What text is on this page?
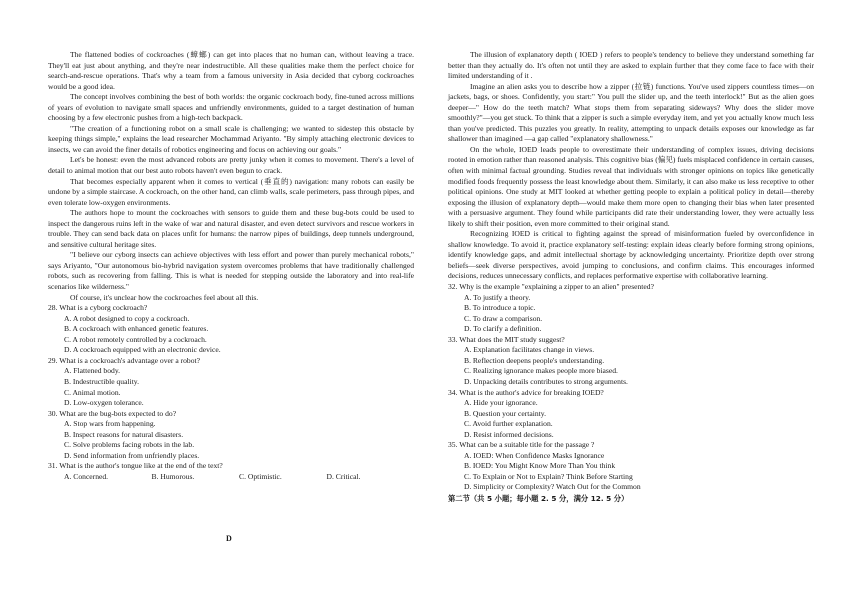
The flattened bodies of cockroaches (蟑螂) can get into places that no human can, without leaving a trace. They'll eat just about anything, and they're near indestructible. All these qualities make them the perfect choice for search-and-rescue operations. That's why a team from a famous university in Asia decided that cyborg cockroaches would be a good idea.

The concept involves combining the best of both worlds: the organic cockroach body, fine-tuned across millions of years of evolution to navigate small spaces and unfriendly environments, guided to a target destination of human choosing by a few electronic pushes from a high-tech backpack.

"The creation of a functioning robot on a small scale is challenging; we wanted to sidestep this obstacle by keeping things simple," explains the lead researcher Mochammad Ariyanto. "By simply attaching electronic devices to insects, we can avoid the finer details of robotics engineering and focus on achieving our goals."

Let's be honest: even the most advanced robots are pretty junky when it comes to movement. There's a level of detail to animal motion that our best auto robots haven't even begun to crack.

That becomes especially apparent when it comes to vertical (垂直的) navigation: many robots can easily be undone by a simple staircase. A cockroach, on the other hand, can climb walls, scale perimeters, pass through pipes, and even tolerate low-oxygen environments.

The authors hope to mount the cockroaches with sensors to guide them and these bug-bots could be used to inspect the dangerous ruins left in the wake of war and natural disaster, and even detect survivors and rescue workers in trouble. They can send back data on places unfit for humans: the narrow pipes of buildings, deep tunnels underground, and sensitive cultural heritage sites.

"I believe our cyborg insects can achieve objectives with less effort and power than purely mechanical robots," says Ariyanto, "Our autonomous bio-hybrid navigation system overcomes problems that have traditionally challenged robots, such as recovering from falling. This is what is needed for stepping outside the laboratory and into real-life scenarios like wilderness."

Of course, it's unclear how the cockroaches feel about all this.

28. What is a cyborg cockroach?
A. A robot designed to copy a cockroach.
B. A cockroach with enhanced genetic features.
C. A robot remotely controlled by a cockroach.
D. A cockroach equipped with an electronic device.
29. What is a cockroach's advantage over a robot?
A. Flattened body.
B. Indestructible quality.
C. Animal motion.
D. Low-oxygen tolerance.
30. What are the bug-bots expected to do?
A. Stop wars from happening.
B. Inspect reasons for natural disasters.
C. Solve problems facing robots in the lab.
D. Send information from unfriendly places.
31. What is the author's tongue like at the end of the text?
A. Concerned.	B. Humorous.	C. Optimistic.	D. Critical.
D

The illusion of explanatory depth ( IOED ) refers to people's tendency to believe they understand something far better than they actually do. It's often not until they are asked to explain further that they come face to face with their limited understanding of it .

Imagine an alien asks you to describe how a zipper (拉链) functions. You've used zippers countless times—on jackets, bags, or shoes. Confidently, you start:" You pull the slider up, and the teeth interlock!" But as the alien goes deeper—" How do the teeth match? What stops them from separating sideways? Why does the slider move smoothly?"—you get stuck. To think that a zipper is such a simple everyday item, and yet you actually know much less than you've predicted. This puzzles you greatly. In reality, attempting to unpack details exposes our knowledge as far shallower than imagined —a gap called "explanatory shallowness."

On the whole, IOED leads people to overestimate their understanding of complex issues, driving decisions rooted in emotion rather than reasoned analysis. This cognitive bias (偏见) fuels misplaced confidence in certain causes, often with minimal factual grounding. Studies reveal that individuals with stronger opinions on topics like genetically modified foods frequently possess the least knowledge about them. Similarly, it can also make us less receptive to other political opinions. One study at MIT looked at whether getting people to explain a political policy in detail—thereby exposing the illusion of explanatory depth—would make them more open to changing their bias when later presented with a persuasive argument. They found while participants did rate their understanding lower, they were actually less likely to shift their position, even more committed to their original stand.

Recognizing IOED is critical to fighting against the spread of misinformation fueled by overconfidence in shallow knowledge. To avoid it, practice explanatory self-testing: explain ideas clearly before forming strong opinions, identify knowledge gaps, and admit intellectual shortage by acknowledging uncertainty. Prioritize depth over strong beliefs—seek diverse perspectives, avoid jumping to conclusions, and confirm claims. This encourages informed decisions, reduces unnecessary conflicts, and replaces performative expertise with collaborative learning.

32. Why is the example "explaining a zipper to an alien" presented?
A. To justify a theory.
B. To introduce a topic.
C. To draw a comparison.
D. To clarify a definition.
33. What does the MIT study suggest?
A. Explanation facilitates change in views.
B. Reflection deepens people's understanding.
C. Realizing ignorance makes people more biased.
D. Unpacking details contributes to strong arguments.
34. What is the author's advice for breaking IOED?
A. Hide your ignorance.
B. Question your certainty.
C. Avoid further explanation.
D. Resist informed decisions.
35. What can be a suitable title for the passage ?
A. IOED: When Confidence Masks Ignorance
B. IOED: You Might Know More Than You think
C. To Explain or Not to Explain? Think Before Starting
D. Simplicity or Complexity? Watch Out for the Common
第二节（共 5 小题；每小题 2. 5 分，满分 12. 5 分）
